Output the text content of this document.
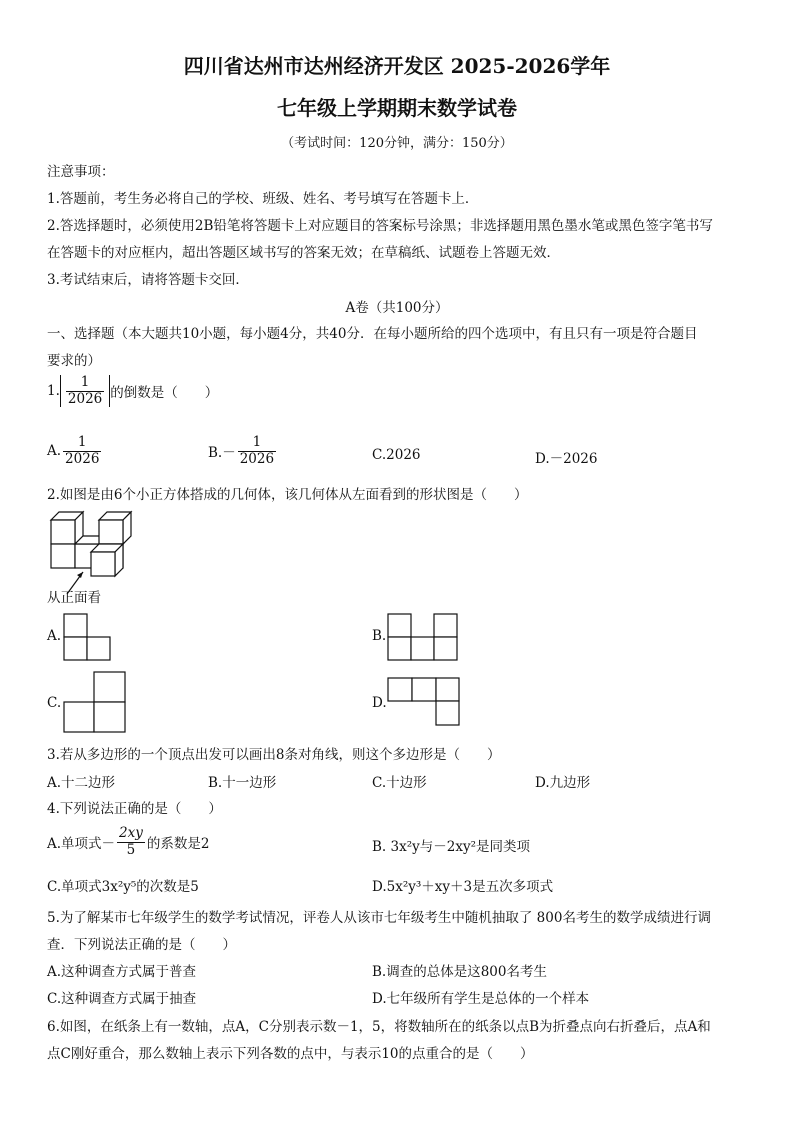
四川省达州市达州经济开发区 2025-2026学年
七年级上学期期末数学试卷
（考试时间：120分钟，满分：150分）
注意事项：
1.答题前，考生务必将自己的学校、班级、姓名、考号填写在答题卡上．
2.答选择题时，必须使用2B铅笔将答题卡上对应题目的答案标号涂黑；非选择题用黑色墨水笔或黑色签字笔书写
在答题卡的对应框内，超出答题区域书写的答案无效；在草稿纸、试题卷上答题无效．
3.考试结束后，请将答题卡交回．
A卷（共100分）
一、选择题（本大题共10小题，每小题4分，共40分．在每小题所给的四个选项中，有且只有一项是符合题目
要求的）
1. $\frac{1}{2026}$ 的倒数是（　　）
A. $\frac{1}{2026}$	$B.- \frac{1}{2026}$	C.2026	D.－2026
2.如图是由6个小正方体搭成的几何体，该几何体从左面看到的形状图是（　　）
从正面看
A.	B.
C.	D.
3.若从多边形的一个顶点出发可以画出8条对角线，则这个多边形是（　　）
A.十二边形	B.十一边形	C.十边形	D.九边形
4.下列说法正确的是（　　）
A.单项式－ $\frac{2xy}{5}$ 的系数是2	B. 3x²y与－2xy²是同类项
C.单项式3x²y⁵的次数是5	D.5x²y³＋xy＋3是五次多项式
5.为了解某市七年级学生的数学考试情况，评卷人从该市七年级考生中随机抽取了 800名考生的数学成绩进行调
查．下列说法正确的是（　　）
A.这种调查方式属于普查	B.调查的总体是这800名考生
C.这种调查方式属于抽查	D.七年级所有学生是总体的一个样本
6.如图，在纸条上有一数轴，点A，C分别表示数－1，5，将数轴所在的纸条以点B为折叠点向右折叠后，点A和
点C刚好重合，那么数轴上表示下列各数的点中，与表示10的点重合的是（　　）
